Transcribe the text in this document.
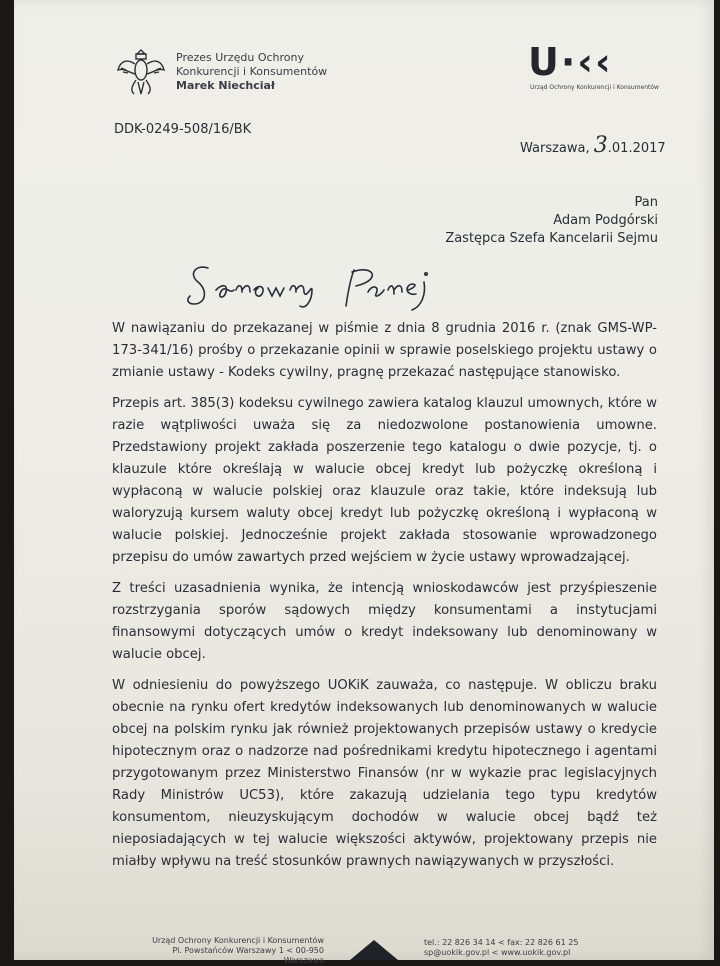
Prezes Urzędu Ochrony
Konkurencji i Konsumentów
Marek Niechciał
U·‹‹
Urząd Ochrony Konkurencji i Konsumentów
DDK-0249-508/16/BK
Warszawa, 3.01.2017
Pan
Adam Podgórski
Zastępca Szefa Kancelarii Sejmu

W nawiązaniu do przekazanej w piśmie z dnia 8 grudnia 2016 r. (znak GMS-WP-173-341/16) prośby o przekazanie opinii w sprawie poselskiego projektu ustawy o zmianie ustawy - Kodeks cywilny, pragnę przekazać następujące stanowisko.

Przepis art. 385(3) kodeksu cywilnego zawiera katalog klauzul umownych, które w razie wątpliwości uważa się za niedozwolone postanowienia umowne. Przedstawiony projekt zakłada poszerzenie tego katalogu o dwie pozycje, tj. o klauzule które określają w walucie obcej kredyt lub pożyczkę określoną i wypłaconą w walucie polskiej oraz klauzule oraz takie, które indeksują lub waloryzują kursem waluty obcej kredyt lub pożyczkę określoną i wypłaconą w walucie polskiej. Jednocześnie projekt zakłada stosowanie wprowadzonego przepisu do umów zawartych przed wejściem w życie ustawy wprowadzającej.

Z treści uzasadnienia wynika, że intencją wnioskodawców jest przyśpieszenie rozstrzygania sporów sądowych między konsumentami a instytucjami finansowymi dotyczących umów o kredyt indeksowany lub denominowany w walucie obcej.

W odniesieniu do powyższego UOKiK zauważa, co następuje. W obliczu braku obecnie na rynku ofert kredytów indeksowanych lub denominowanych w walucie obcej na polskim rynku jak również projektowanych przepisów ustawy o kredycie hipotecznym oraz o nadzorze nad pośrednikami kredytu hipotecznego i agentami przygotowanym przez Ministerstwo Finansów (nr w wykazie prac legislacyjnych Rady Ministrów UC53), które zakazują udzielania tego typu kredytów konsumentom, nieuzyskującym dochodów w walucie obcej bądź też nieposiadających w tej walucie większości aktywów, projektowany przepis nie miałby wpływu na treść stosunków prawnych nawiązywanych w przyszłości.

Urząd Ochrony Konkurencji i Konsumentów
Pl. Powstańców Warszawy 1 < 00-950 Warszawa
tel.: 22 826 34 14 < fax: 22 826 61 25
sp@uokik.gov.pl < www.uokik.gov.pl
